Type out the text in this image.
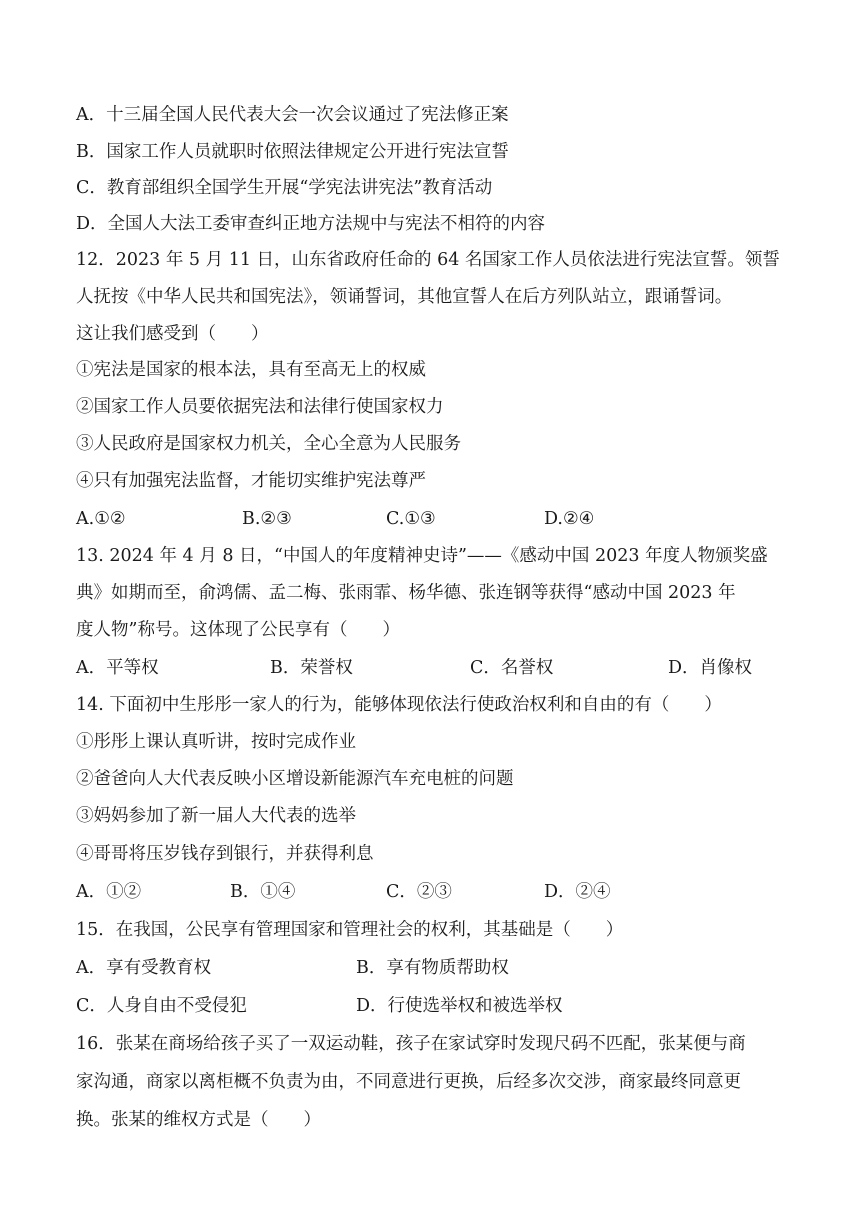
A．十三届全国人民代表大会一次会议通过了宪法修正案
B．国家工作人员就职时依照法律规定公开进行宪法宣誓
C．教育部组织全国学生开展“学宪法讲宪法”教育活动
D．全国人大法工委审查纠正地方法规中与宪法不相符的内容
12．2023 年 5 月 11 日，山东省政府任命的 64 名国家工作人员依法进行宪法宣誓。领誓
人抚按《中华人民共和国宪法》，领诵誓词，其他宣誓人在后方列队站立，跟诵誓词。
这让我们感受到（　　）
①宪法是国家的根本法，具有至高无上的权威
②国家工作人员要依据宪法和法律行使国家权力
③人民政府是国家权力机关，全心全意为人民服务
④只有加强宪法监督，才能切实维护宪法尊严
A.①②	B.②③	C.①③	D.②④
13. 2024 年 4 月 8 日，“中国人的年度精神史诗”——《感动中国 2023 年度人物颁奖盛
典》如期而至，俞鸿儒、孟二梅、张雨霏、杨华德、张连钢等获得“感动中国 2023 年
度人物”称号。这体现了公民享有（　　）
A．平等权	B．荣誉权	C．名誉权	D．肖像权
14. 下面初中生彤彤一家人的行为，能够体现依法行使政治权利和自由的有（　　）
①彤彤上课认真听讲，按时完成作业
②爸爸向人大代表反映小区增设新能源汽车充电桩的问题
③妈妈参加了新一届人大代表的选举
④哥哥将压岁钱存到银行，并获得利息
A．①②	B．①④	C．②③	D．②④
15．在我国，公民享有管理国家和管理社会的权利，其基础是（　　）
A．享有受教育权	B．享有物质帮助权
C．人身自由不受侵犯	D．行使选举权和被选举权
16．张某在商场给孩子买了一双运动鞋，孩子在家试穿时发现尺码不匹配，张某便与商
家沟通，商家以离柜概不负责为由，不同意进行更换，后经多次交涉，商家最终同意更
换。张某的维权方式是（　　）
